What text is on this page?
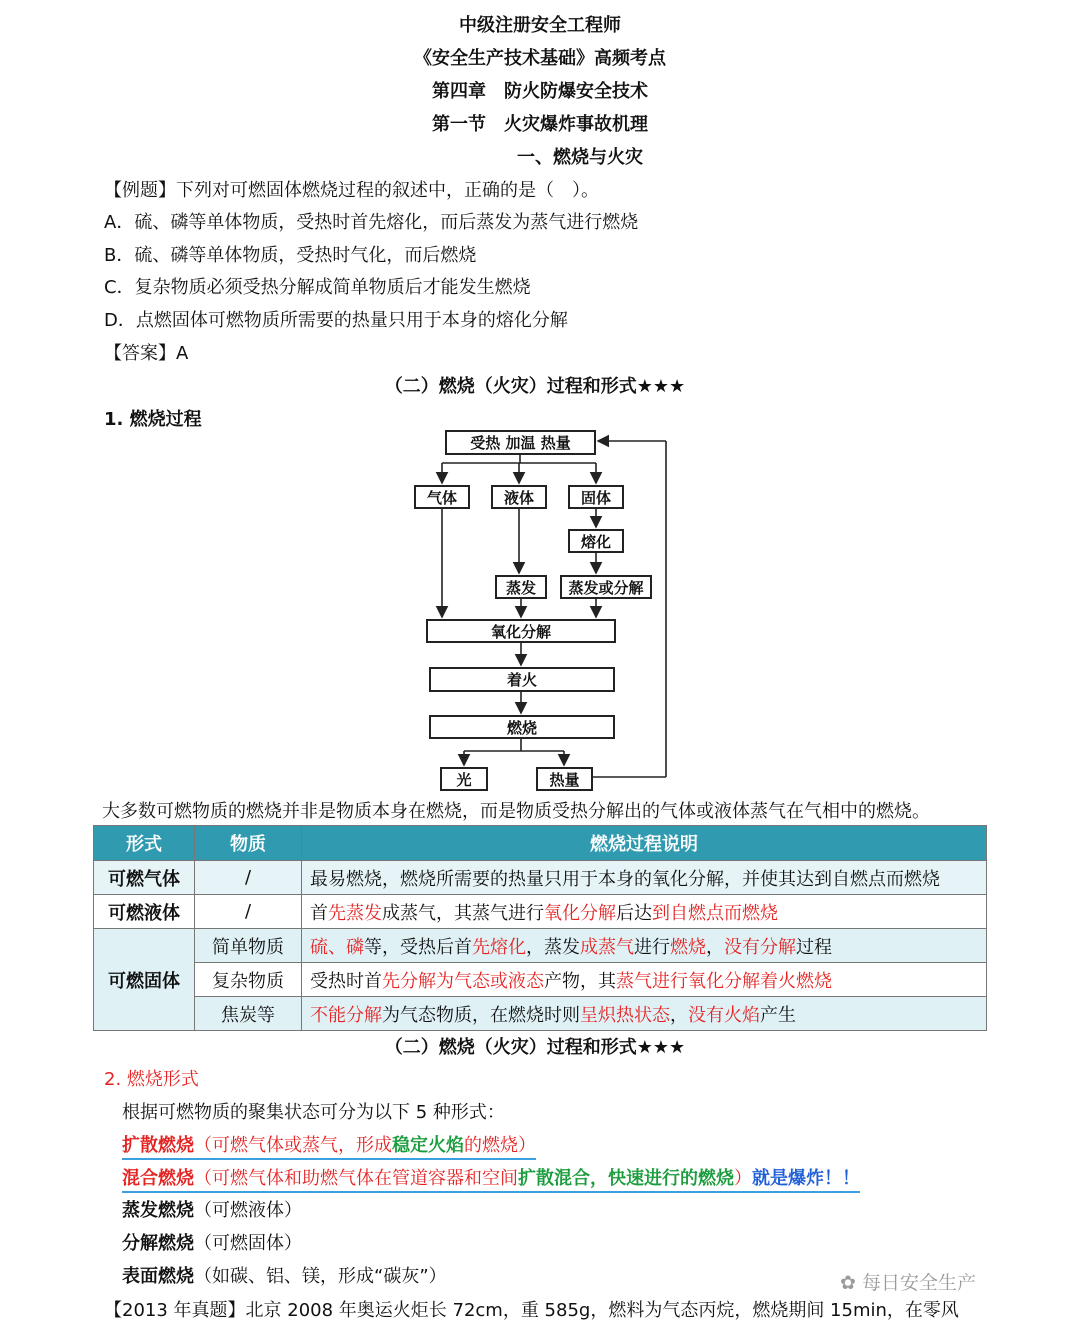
中级注册安全工程师
《安全生产技术基础》高频考点
第四章　防火防爆安全技术
第一节　火灾爆炸事故机理
一、燃烧与火灾
【例题】下列对可燃固体燃烧过程的叙述中，正确的是（　）。
A．硫、磷等单体物质，受热时首先熔化，而后蒸发为蒸气进行燃烧
B．硫、磷等单体物质，受热时气化，而后燃烧
C．复杂物质必须受热分解成简单物质后才能发生燃烧
D．点燃固体可燃物质所需要的热量只用于本身的熔化分解
【答案】A
（二）燃烧（火灾）过程和形式★★★
1. 燃烧过程
受热 加温 热量
气体	液体	固体
熔化
蒸发	蒸发或分解
氧化分解
着火
燃烧
光	热量
大多数可燃物质的燃烧并非是物质本身在燃烧，而是物质受热分解出的气体或液体蒸气在气相中的燃烧。
形式	物质	燃烧过程说明
可燃气体	/	最易燃烧，燃烧所需要的热量只用于本身的氧化分解，并使其达到自燃点而燃烧
可燃液体	/	首先蒸发成蒸气，其蒸气进行氧化分解后达到自燃点而燃烧
可燃固体	简单物质	硫、磷等，受热后首先熔化，蒸发成蒸气进行燃烧，没有分解过程
	复杂物质	受热时首先分解为气态或液态产物，其蒸气进行氧化分解着火燃烧
	焦炭等	不能分解为气态物质，在燃烧时则呈炽热状态，没有火焰产生
（二）燃烧（火灾）过程和形式★★★
2. 燃烧形式
根据可燃物质的聚集状态可分为以下 5 种形式：
扩散燃烧（可燃气体或蒸气，形成稳定火焰的燃烧）
混合燃烧（可燃气体和助燃气体在管道容器和空间扩散混合，快速进行的燃烧）就是爆炸！！
蒸发燃烧（可燃液体）
分解燃烧（可燃固体）
表面燃烧（如碳、铝、镁，形成“碳灰”）
【2013 年真题】北京 2008 年奥运火炬长 72cm，重 585g，燃料为气态丙烷，燃烧期间 15min，在零风
✿ 每日安全生产
